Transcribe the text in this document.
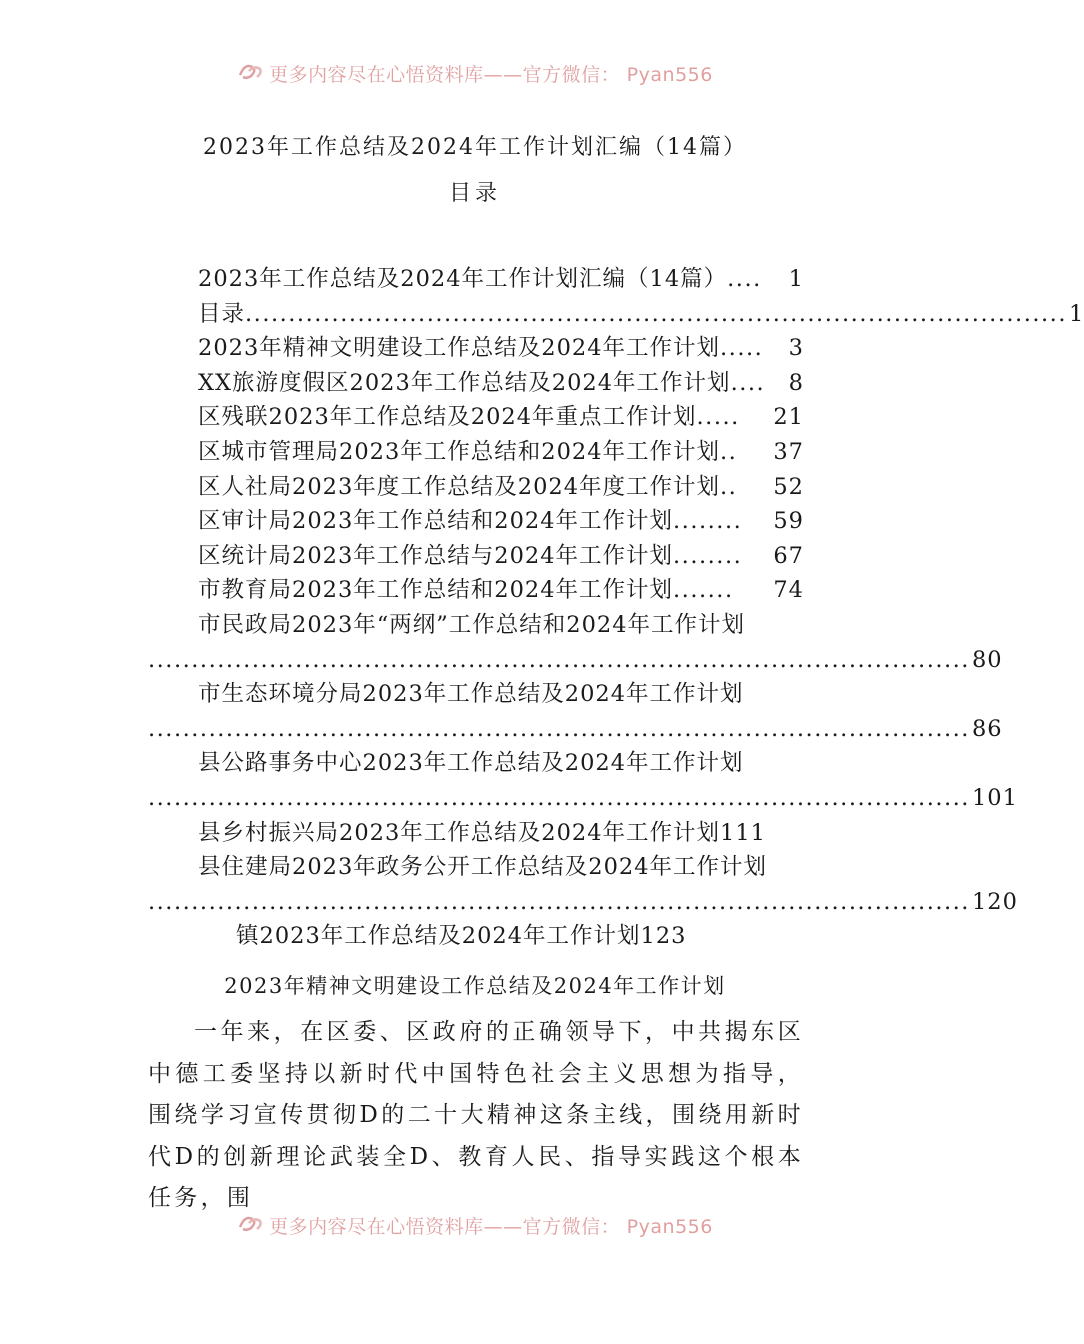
更多内容尽在心悟资料库——官方微信： Pyan556
2023年工作总结及2024年工作计划汇编（14篇）
目录
2023年工作总结及2024年工作计划汇编（14篇） ....	1
目录 ............................................................................................... 1
2023年精神文明建设工作总结及2024年工作计划 .....	3
XX旅游度假区2023年工作总结及2024年工作计划 ....	8
区残联2023年工作总结及2024年重点工作计划 .....	21
区城市管理局2023年工作总结和2024年工作计划 ..	37
区人社局2023年度工作总结及2024年度工作计划 ..	52
区审计局2023年工作总结和2024年工作计划 ........	59
区统计局2023年工作总结与2024年工作计划 ........	67
市教育局2023年工作总结和2024年工作计划 .......	74
市民政局2023年“两纲”工作总结和2024年工作计划
............................................................................................... 80
市生态环境分局2023年工作总结及2024年工作计划
............................................................................................... 86
县公路事务中心2023年工作总结及2024年工作计划
............................................................................................... 101
县乡村振兴局2023年工作总结及2024年工作计划111
县住建局2023年政务公开工作总结及2024年工作计划
............................................................................................... 120
镇2023年工作总结及2024年工作计划123
2023年精神文明建设工作总结及2024年工作计划

一年来，在区委、区政府的正确领导下，中共揭东区中德工委坚持以新时代中国特色社会主义思想为指导，围绕学习宣传贯彻D的二十大精神这条主线，围绕用新时代D的创新理论武装全D、教育人民、指导实践这个根本任务，围

更多内容尽在心悟资料库——官方微信： Pyan556
